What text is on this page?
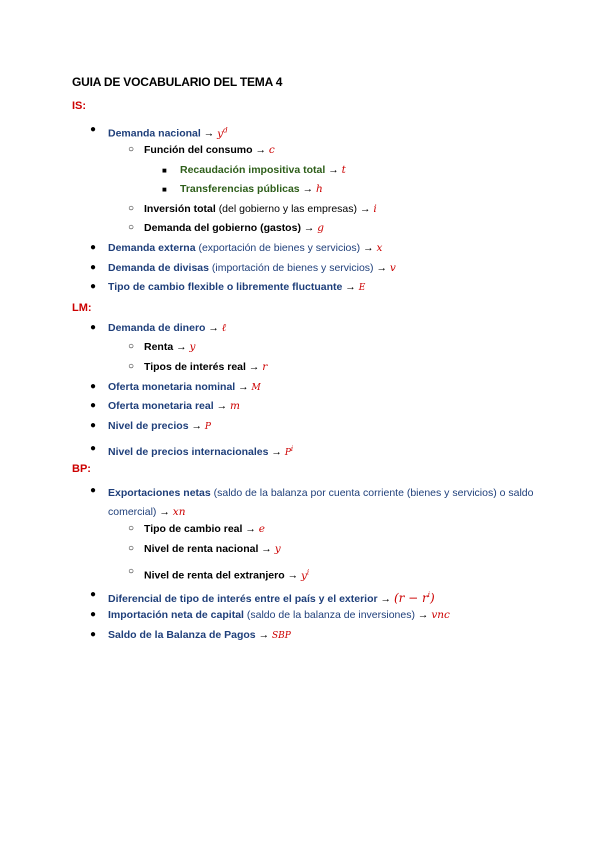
GUIA DE VOCABULARIO DEL TEMA 4
IS:
● Demanda nacional → $y^d$
○ Función del consumo → c
■ Recaudación impositiva total → t
■ Transferencias públicas → h
○ Inversión total (del gobierno y las empresas) → i
○ Demanda del gobierno (gastos) → g
● Demanda externa (exportación de bienes y servicios) → x
● Demanda de divisas (importación de bienes y servicios) → v
● Tipo de cambio flexible o libremente fluctuante → E
LM:
● Demanda de dinero → ℓ
○ Renta → y
○ Tipos de interés real → r
● Oferta monetaria nominal → M
● Oferta monetaria real → m
● Nivel de precios → P
● Nivel de precios internacionales → $P^i$
BP:
● Exportaciones netas (saldo de la balanza por cuenta corriente (bienes y servicios) o saldo comercial) → xn
○ Tipo de cambio real → e
○ Nivel de renta nacional → y
○ Nivel de renta del extranjero → $y^i$
● Diferencial de tipo de interés entre el país y el exterior → $(r - r^i)$
● Importación neta de capital (saldo de la balanza de inversiones) → vnc
● Saldo de la Balanza de Pagos → SBP
